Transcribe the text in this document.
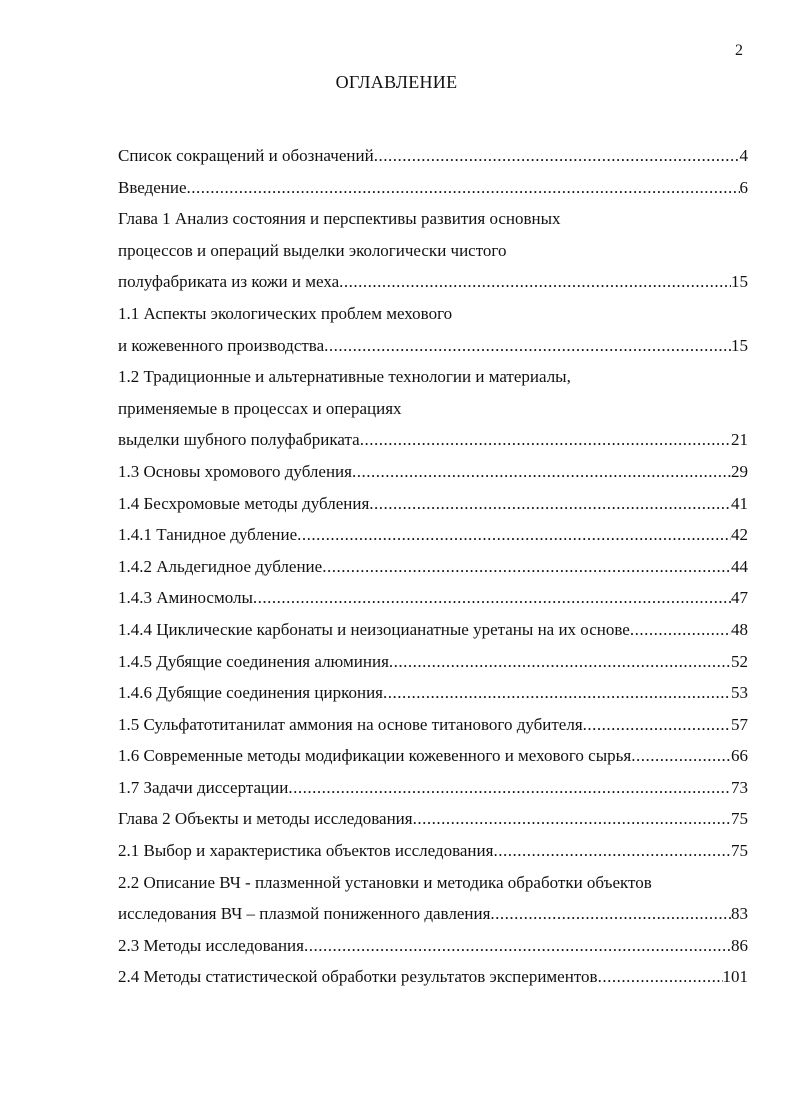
2
ОГЛАВЛЕНИЕ
Список сокращений и обозначений .....	4
Введение .....	6
Глава 1 Анализ состояния и перспективы развития основных
процессов и операций выделки экологически чистого
полуфабриката из кожи и меха .....	15
1.1 Аспекты экологических проблем мехового
и кожевенного производства .....	15
1.2 Традиционные и альтернативные технологии и материалы,
применяемые в процессах и операциях
выделки шубного полуфабриката .....	21
1.3 Основы хромового дубления .....	29
1.4 Бесхромовые методы дубления .....	41
1.4.1 Танидное дубление .....	42
1.4.2 Альдегидное дубление .....	44
1.4.3 Аминосмолы .....	47
1.4.4 Циклические карбонаты и неизоцианатные уретаны на их основе .....	48
1.4.5 Дубящие соединения алюминия .....	52
1.4.6 Дубящие соединения циркония .....	53
1.5 Сульфатотитанилат аммония на основе титанового дубителя .....	57
1.6 Современные методы модификации кожевенного и мехового сырья .....	66
1.7 Задачи диссертации .....	73
Глава 2 Объекты и методы исследования .....	75
2.1 Выбор и характеристика объектов исследования .....	75
2.2 Описание ВЧ - плазменной установки и методика обработки объектов
исследования ВЧ – плазмой пониженного давления .....	83
2.3 Методы исследования .....	86
2.4 Методы статистической обработки результатов экспериментов .....	101
